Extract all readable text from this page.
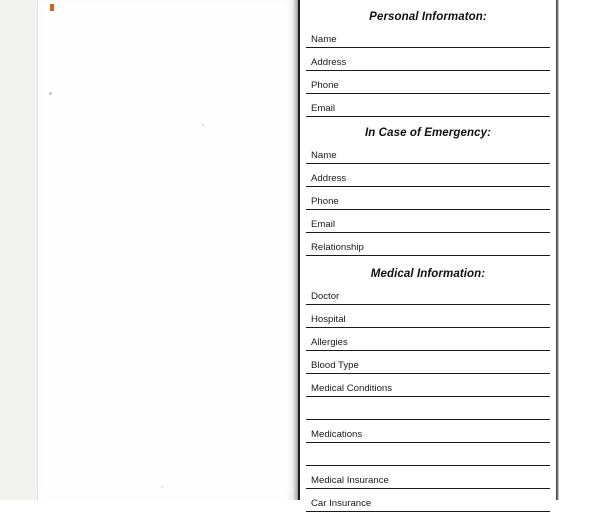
Personal Informaton:
Name
Address
Phone
Email
In Case of Emergency:
Name
Address
Phone
Email
Relationship
Medical Information:
Doctor
Hospital
Allergies
Blood Type
Medical Conditions
Medications
Medical Insurance
Car Insurance
